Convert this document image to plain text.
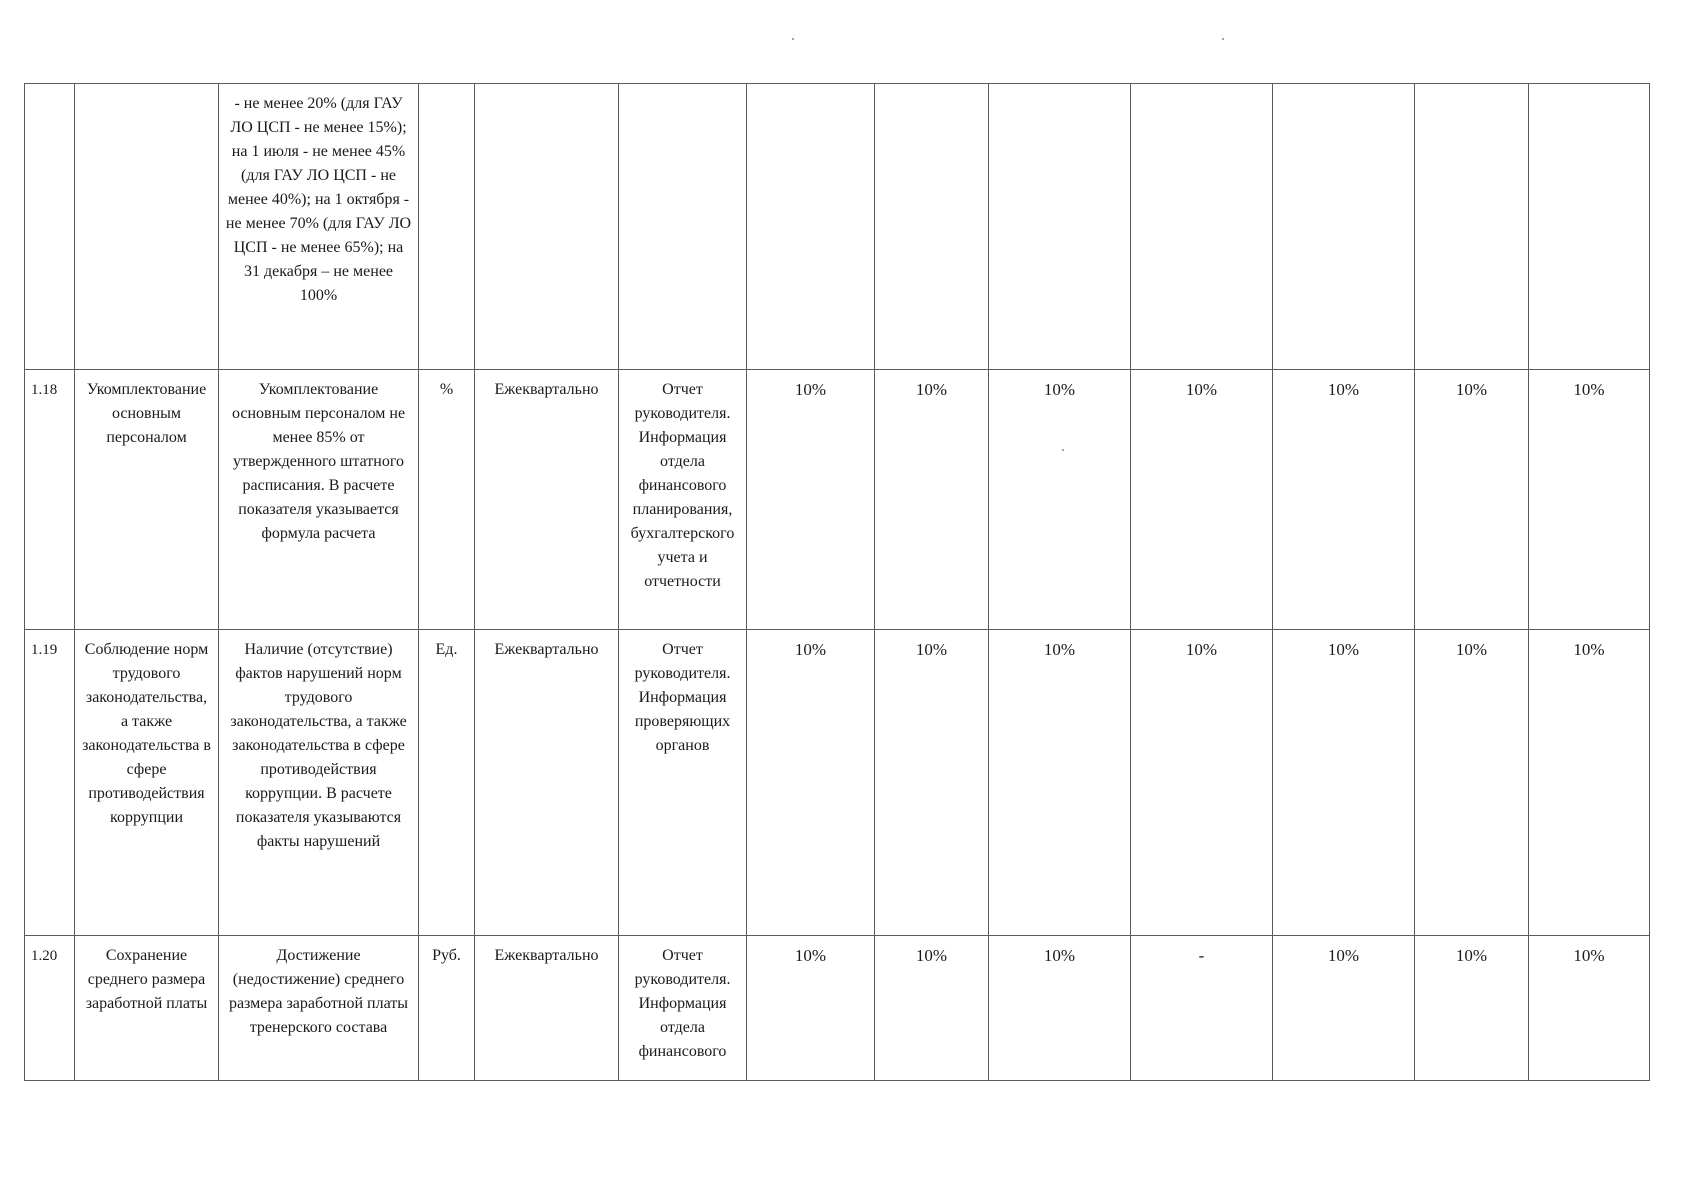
		- не менее 20% (для ГАУ ЛО ЦСП - не менее 15%); на 1 июля - не менее 45% (для ГАУ ЛО ЦСП - не менее 40%); на 1 октября - не менее 70% (для ГАУ ЛО ЦСП - не менее 65%); на 31 декабря – не менее 100%										
1.18	Укомплектование основным персоналом	Укомплектование основным персоналом не менее 85% от утвержденного штатного расписания. В расчете показателя указывается формула расчета	%	Ежеквартально	Отчет руководителя. Информация отдела финансового планирования, бухгалтерского учета и отчетности	10%	10%	10%	10%	10%	10%	10%
1.19	Соблюдение норм трудового законодательства, а также законодательства в сфере противодействия коррупции	Наличие (отсутствие) фактов нарушений норм трудового законодательства, а также законодательства в сфере противодействия коррупции. В расчете показателя указываются факты нарушений	Ед.	Ежеквартально	Отчет руководителя. Информация проверяющих органов	10%	10%	10%	10%	10%	10%	10%
1.20	Сохранение среднего размера заработной платы	Достижение (недостижение) среднего размера заработной платы тренерского состава	Руб.	Ежеквартально	Отчет руководителя. Информация отдела финансового	10%	10%	10%	-	10%	10%	10%
